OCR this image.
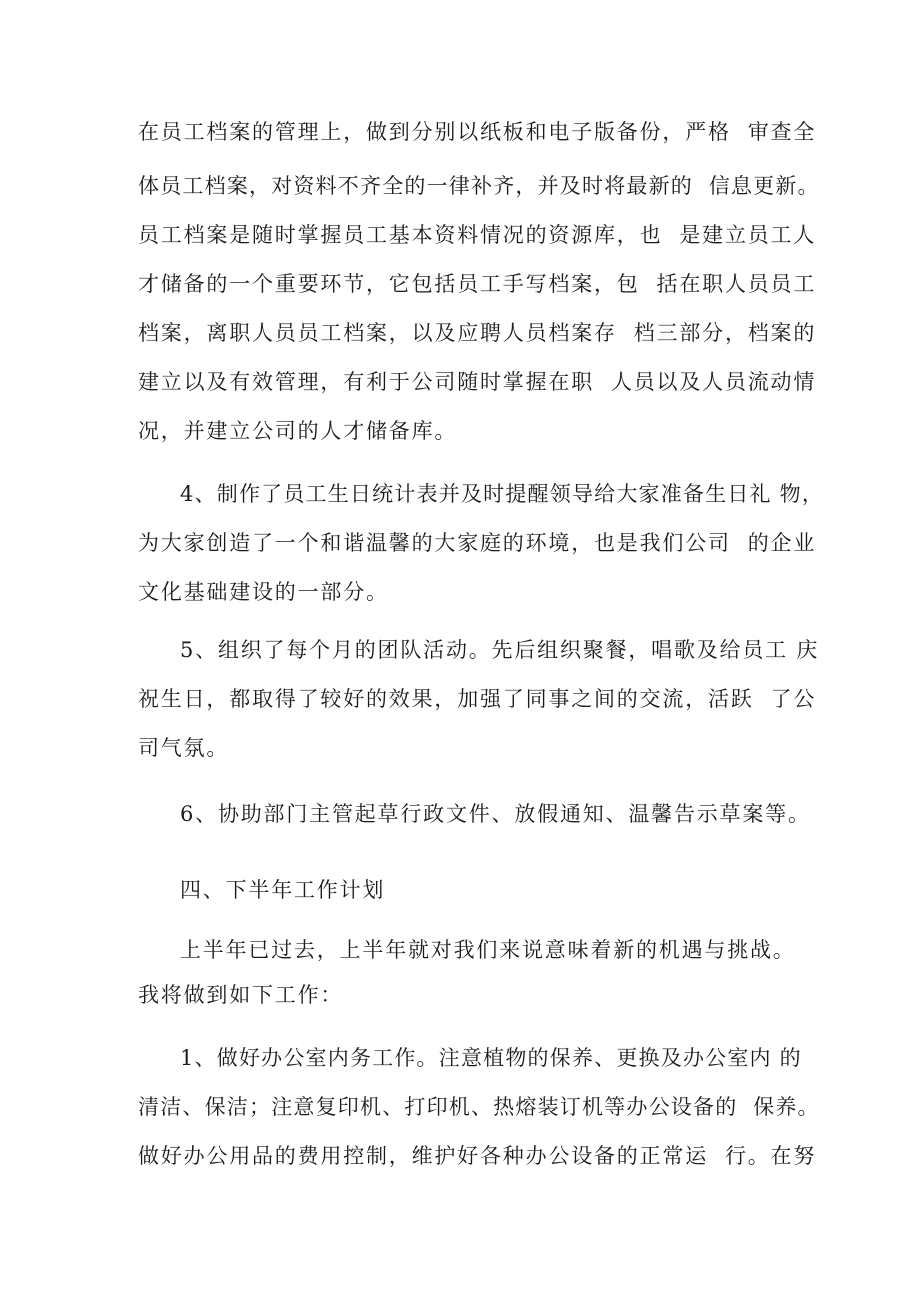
在员工档案的管理上，做到分别以纸板和电子版备份，严格  审查全
体员工档案，对资料不齐全的一律补齐，并及时将最新的  信息更新。
员工档案是随时掌握员工基本资料情况的资源库，也  是建立员工人
才储备的一个重要环节，它包括员工手写档案，包  括在职人员员工
档案，离职人员员工档案，以及应聘人员档案存  档三部分，档案的
建立以及有效管理，有利于公司随时掌握在职  人员以及人员流动情
况，并建立公司的人才储备库。
4、制作了员工生日统计表并及时提醒领导给大家准备生日礼 物，
为大家创造了一个和谐温馨的大家庭的环境，也是我们公司  的企业
文化基础建设的一部分。
5、组织了每个月的团队活动。先后组织聚餐，唱歌及给员工 庆
祝生日，都取得了较好的效果，加强了同事之间的交流，活跃  了公
司气氛。
6、协助部门主管起草行政文件、放假通知、温馨告示草案等。
四、下半年工作计划
上半年已过去，上半年就对我们来说意味着新的机遇与挑战。
我将做到如下工作：
1、做好办公室内务工作。注意植物的保养、更换及办公室内 的
清洁、保洁；注意复印机、打印机、热熔装订机等办公设备的  保养。
做好办公用品的费用控制，维护好各种办公设备的正常运  行。在努
